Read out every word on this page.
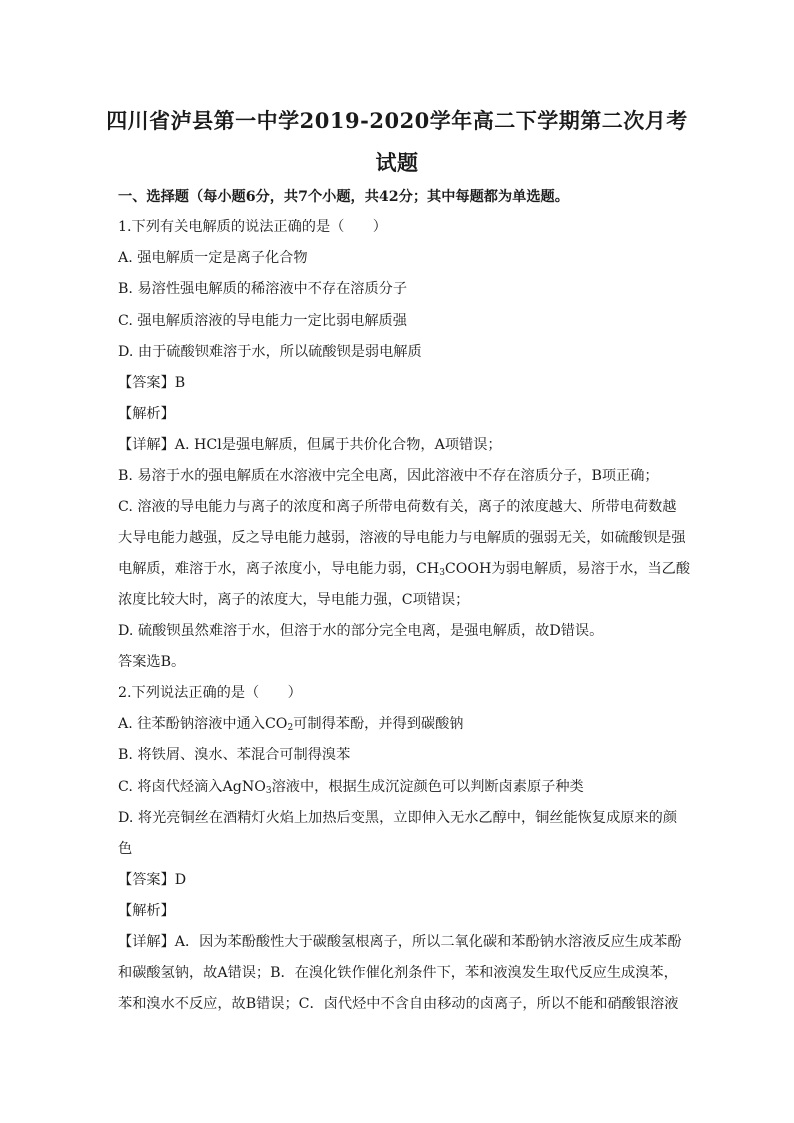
四川省泸县第一中学2019-2020学年高二下学期第二次月考
试题
一、选择题（每小题6分，共7个小题，共42分；其中每题都为单选题。
1.下列有关电解质的说法正确的是（　　）
A. 强电解质一定是离子化合物
B. 易溶性强电解质的稀溶液中不存在溶质分子
C. 强电解质溶液的导电能力一定比弱电解质强
D. 由于硫酸钡难溶于水，所以硫酸钡是弱电解质
【答案】B
【解析】
【详解】A. HCl是强电解质，但属于共价化合物，A项错误；
B. 易溶于水的强电解质在水溶液中完全电离，因此溶液中不存在溶质分子，B项正确；
C. 溶液的导电能力与离子的浓度和离子所带电荷数有关，离子的浓度越大、所带电荷数越
大导电能力越强，反之导电能力越弱，溶液的导电能力与电解质的强弱无关，如硫酸钡是强
电解质，难溶于水，离子浓度小，导电能力弱，$CH_3COOH$为弱电解质，易溶于水，当乙酸
浓度比较大时，离子的浓度大，导电能力强，C项错误；
D. 硫酸钡虽然难溶于水，但溶于水的部分完全电离，是强电解质，故D错误。
答案选B。
2.下列说法正确的是（　　）
A. 往苯酚钠溶液中通入$CO_2$可制得苯酚，并得到碳酸钠
B. 将铁屑、溴水、苯混合可制得溴苯
C. 将卤代烃滴入AgNO$_3$溶液中，根据生成沉淀颜色可以判断卤素原子种类
D. 将光亮铜丝在酒精灯火焰上加热后变黑，立即伸入无水乙醇中，铜丝能恢复成原来的颜
色
【答案】D
【解析】
【详解】A．因为苯酚酸性大于碳酸氢根离子，所以二氧化碳和苯酚钠水溶液反应生成苯酚
和碳酸氢钠，故A错误；B．在溴化铁作催化剂条件下，苯和液溴发生取代反应生成溴苯，
苯和溴水不反应，故B错误；C．卤代烃中不含自由移动的卤离子，所以不能和硝酸银溶液
